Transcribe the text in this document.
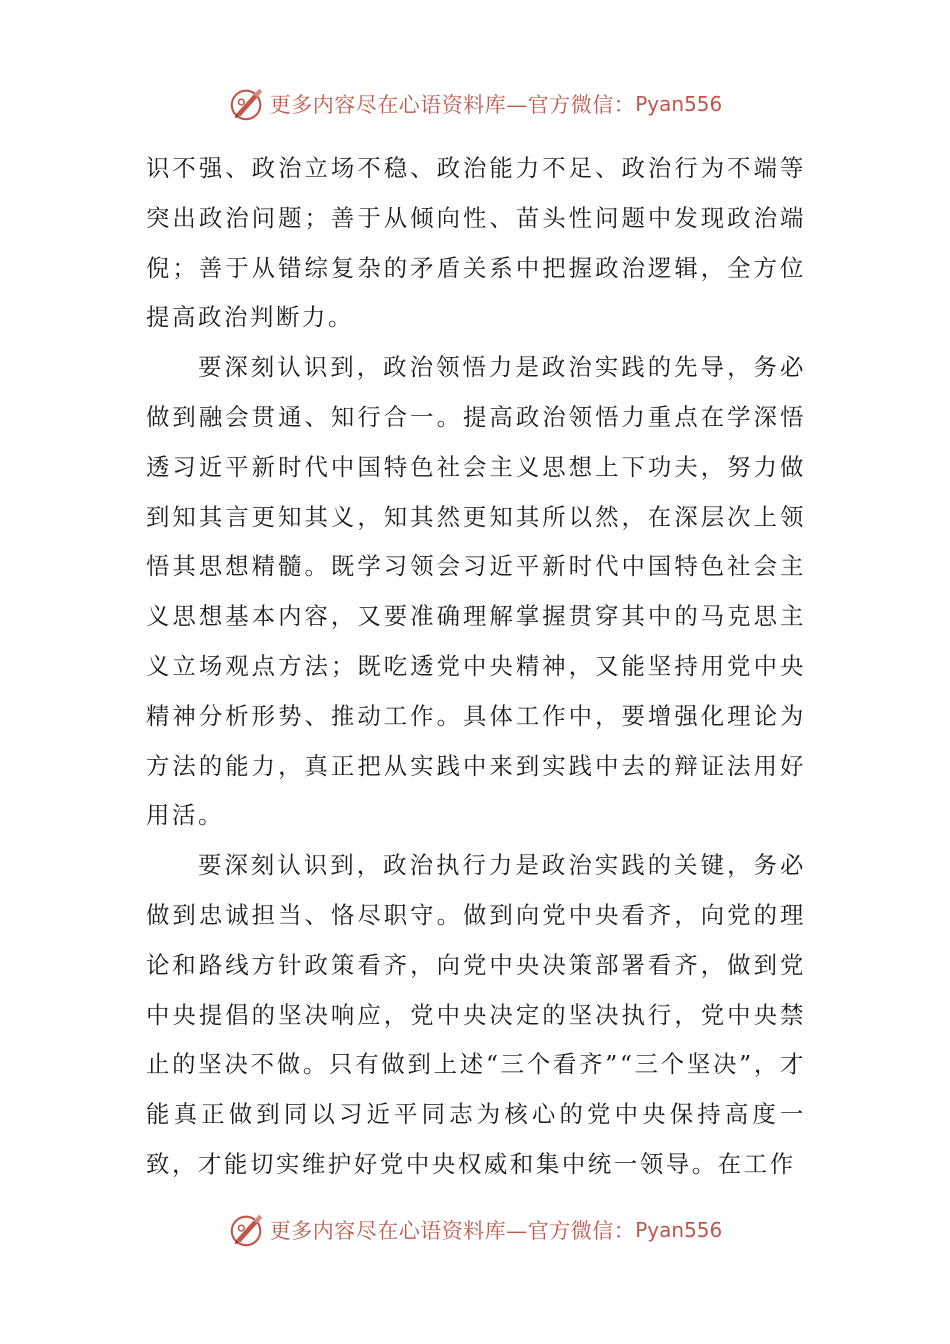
更多内容尽在心语资料库—官方微信： Pyan556

识不强、政治立场不稳、政治能力不足、政治行为不端等突出政治问题；善于从倾向性、苗头性问题中发现政治端倪；善于从错综复杂的矛盾关系中把握政治逻辑，全方位提高政治判断力。

要深刻认识到，政治领悟力是政治实践的先导，务必做到融会贯通、知行合一。提高政治领悟力重点在学深悟透习近平新时代中国特色社会主义思想上下功夫，努力做到知其言更知其义，知其然更知其所以然，在深层次上领悟其思想精髓。既学习领会习近平新时代中国特色社会主义思想基本内容，又要准确理解掌握贯穿其中的马克思主义立场观点方法；既吃透党中央精神，又能坚持用党中央精神分析形势、推动工作。具体工作中，要增强化理论为方法的能力，真正把从实践中来到实践中去的辩证法用好用活。

要深刻认识到，政治执行力是政治实践的关键，务必做到忠诚担当、恪尽职守。做到向党中央看齐，向党的理论和路线方针政策看齐，向党中央决策部署看齐，做到党中央提倡的坚决响应，党中央决定的坚决执行，党中央禁止的坚决不做。只有做到上述“三个看齐”“三个坚决”，才能真正做到同以习近平同志为核心的党中央保持高度一致，才能切实维护好党中央权威和集中统一领导。在工作

更多内容尽在心语资料库—官方微信： Pyan556
